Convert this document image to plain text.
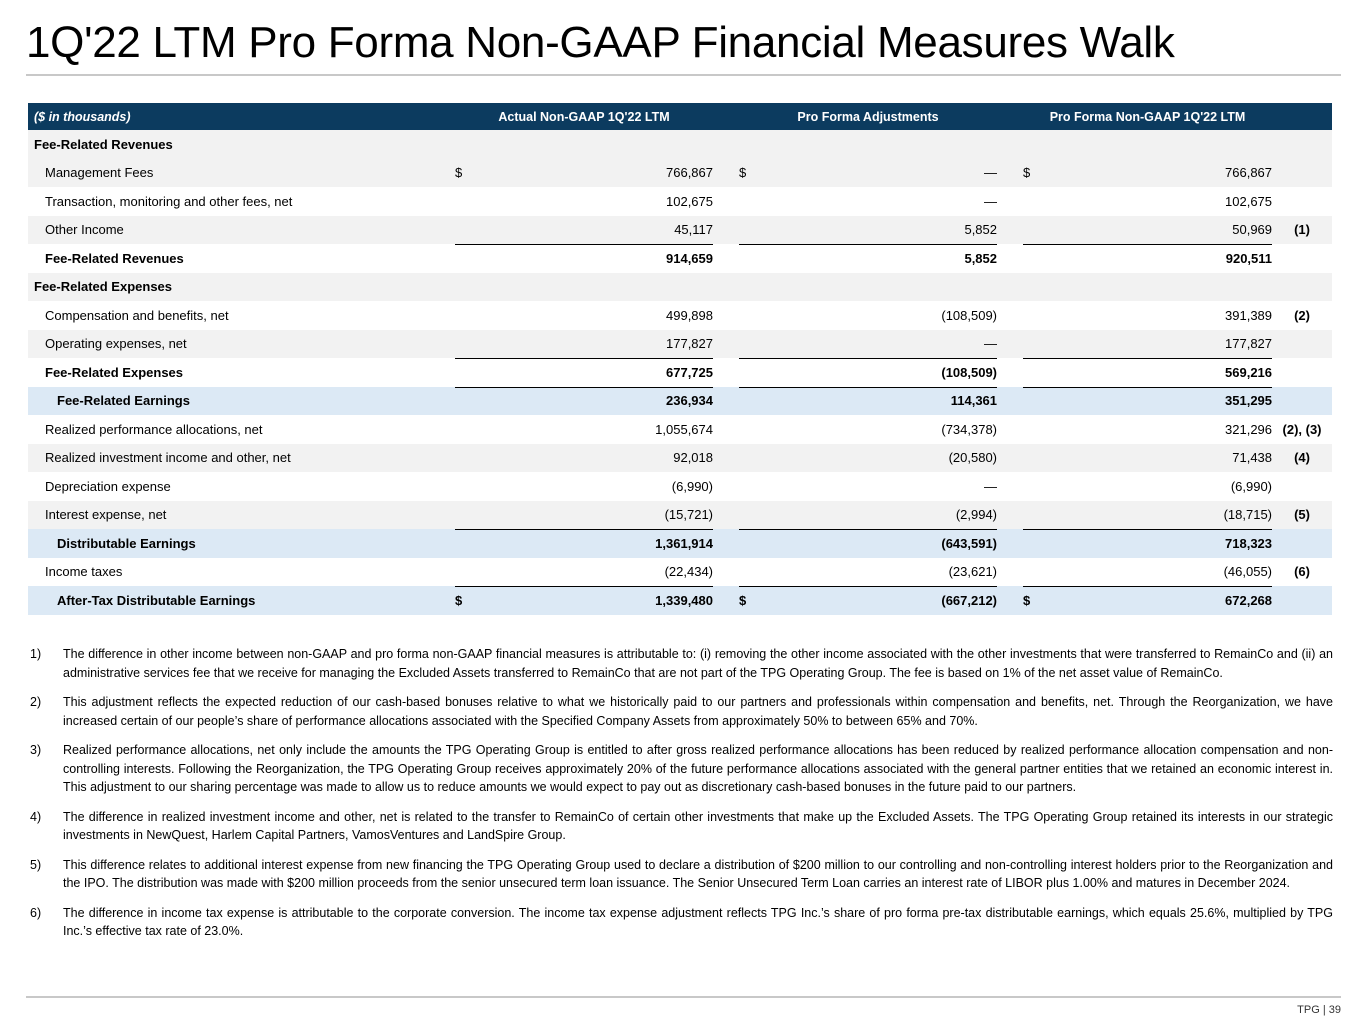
1Q'22 LTM Pro Forma Non-GAAP Financial Measures Walk
($ in thousands)	Actual Non-GAAP 1Q'22 LTM			Pro Forma Adjustments			Pro Forma Non-GAAP 1Q'22 LTM		
Fee-Related Revenues									
Management Fees	$	766,867		$	—		$	766,867	
Transaction, monitoring and other fees, net		102,675			—			102,675	
Other Income		45,117			5,852			50,969	(1)
Fee-Related Revenues		914,659			5,852			920,511	
Fee-Related Expenses									
Compensation and benefits, net		499,898			(108,509)			391,389	(2)
Operating expenses, net		177,827			—			177,827	
Fee-Related Expenses		677,725			(108,509)			569,216	
Fee-Related Earnings		236,934			114,361			351,295	
Realized performance allocations, net		1,055,674			(734,378)			321,296	(2), (3)
Realized investment income and other, net		92,018			(20,580)			71,438	(4)
Depreciation expense		(6,990)			—			(6,990)	
Interest expense, net		(15,721)			(2,994)			(18,715)	(5)
Distributable Earnings		1,361,914			(643,591)			718,323	
Income taxes		(22,434)			(23,621)			(46,055)	(6)
After-Tax Distributable Earnings	$	1,339,480		$	(667,212)		$	672,268	
1)	The difference in other income between non-GAAP and pro forma non-GAAP financial measures is attributable to: (i) removing the other income associated with the other investments that were transferred to RemainCo and (ii) an administrative services fee that we receive for managing the Excluded Assets transferred to RemainCo that are not part of the TPG Operating Group. The fee is based on 1% of the net asset value of RemainCo.
2)	This adjustment reflects the expected reduction of our cash-based bonuses relative to what we historically paid to our partners and professionals within compensation and benefits, net. Through the Reorganization, we have increased certain of our people’s share of performance allocations associated with the Specified Company Assets from approximately 50% to between 65% and 70%.
3)	Realized performance allocations, net only include the amounts the TPG Operating Group is entitled to after gross realized performance allocations has been reduced by realized performance allocation compensation and non-controlling interests. Following the Reorganization, the TPG Operating Group receives approximately 20% of the future performance allocations associated with the general partner entities that we retained an economic interest in. This adjustment to our sharing percentage was made to allow us to reduce amounts we would expect to pay out as discretionary cash-based bonuses in the future paid to our partners.
4)	The difference in realized investment income and other, net is related to the transfer to RemainCo of certain other investments that make up the Excluded Assets. The TPG Operating Group retained its interests in our strategic investments in NewQuest, Harlem Capital Partners, VamosVentures and LandSpire Group.
5)	This difference relates to additional interest expense from new financing the TPG Operating Group used to declare a distribution of $200 million to our controlling and non-controlling interest holders prior to the Reorganization and the IPO. The distribution was made with $200 million proceeds from the senior unsecured term loan issuance. The Senior Unsecured Term Loan carries an interest rate of LIBOR plus 1.00% and matures in December 2024.
6)	The difference in income tax expense is attributable to the corporate conversion. The income tax expense adjustment reflects TPG Inc.’s share of pro forma pre-tax distributable earnings, which equals 25.6%, multiplied by TPG Inc.’s effective tax rate of 23.0%.
TPG | 39
